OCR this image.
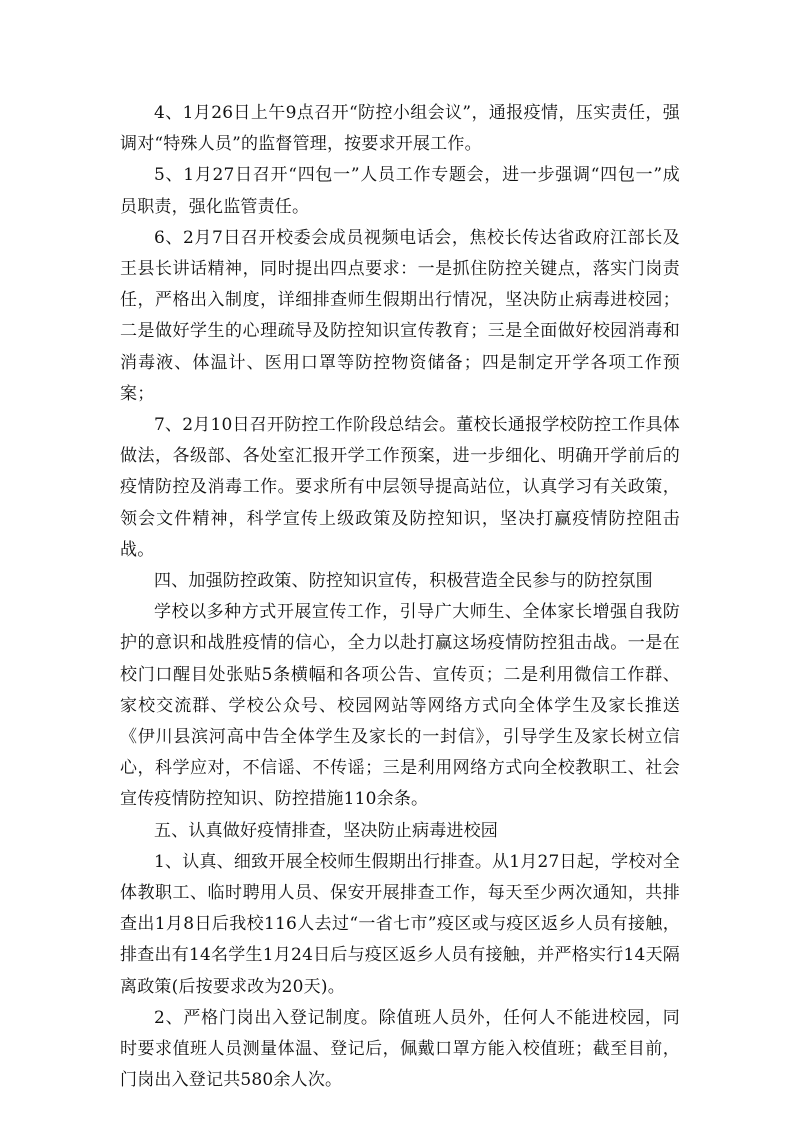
4、1月26日上午9点召开“防控小组会议”，通报疫情，压实责任，强调对“特殊人员”的监督管理，按要求开展工作。

5、1月27日召开“四包一”人员工作专题会，进一步强调“四包一”成员职责，强化监管责任。

6、2月7日召开校委会成员视频电话会，焦校长传达省政府江部长及王县长讲话精神，同时提出四点要求：一是抓住防控关键点，落实门岗责任，严格出入制度，详细排查师生假期出行情况，坚决防止病毒进校园；二是做好学生的心理疏导及防控知识宣传教育；三是全面做好校园消毒和消毒液、体温计、医用口罩等防控物资储备；四是制定开学各项工作预案；

7、2月10日召开防控工作阶段总结会。董校长通报学校防控工作具体做法，各级部、各处室汇报开学工作预案，进一步细化、明确开学前后的疫情防控及消毒工作。要求所有中层领导提高站位，认真学习有关政策，领会文件精神，科学宣传上级政策及防控知识，坚决打赢疫情防控阻击战。

四、加强防控政策、防控知识宣传，积极营造全民参与的防控氛围

学校以多种方式开展宣传工作，引导广大师生、全体家长增强自我防护的意识和战胜疫情的信心，全力以赴打赢这场疫情防控狙击战。一是在校门口醒目处张贴5条横幅和各项公告、宣传页；二是利用微信工作群、家校交流群、学校公众号、校园网站等网络方式向全体学生及家长推送《伊川县滨河高中告全体学生及家长的一封信》，引导学生及家长树立信心，科学应对，不信谣、不传谣；三是利用网络方式向全校教职工、社会宣传疫情防控知识、防控措施110余条。

五、认真做好疫情排查，坚决防止病毒进校园

1、认真、细致开展全校师生假期出行排查。从1月27日起，学校对全体教职工、临时聘用人员、保安开展排查工作，每天至少两次通知，共排查出1月8日后我校116人去过“一省七市”疫区或与疫区返乡人员有接触，排查出有14名学生1月24日后与疫区返乡人员有接触，并严格实行14天隔离政策(后按要求改为20天)。

2、严格门岗出入登记制度。除值班人员外，任何人不能进校园，同时要求值班人员测量体温、登记后，佩戴口罩方能入校值班；截至目前，门岗出入登记共580余人次。
